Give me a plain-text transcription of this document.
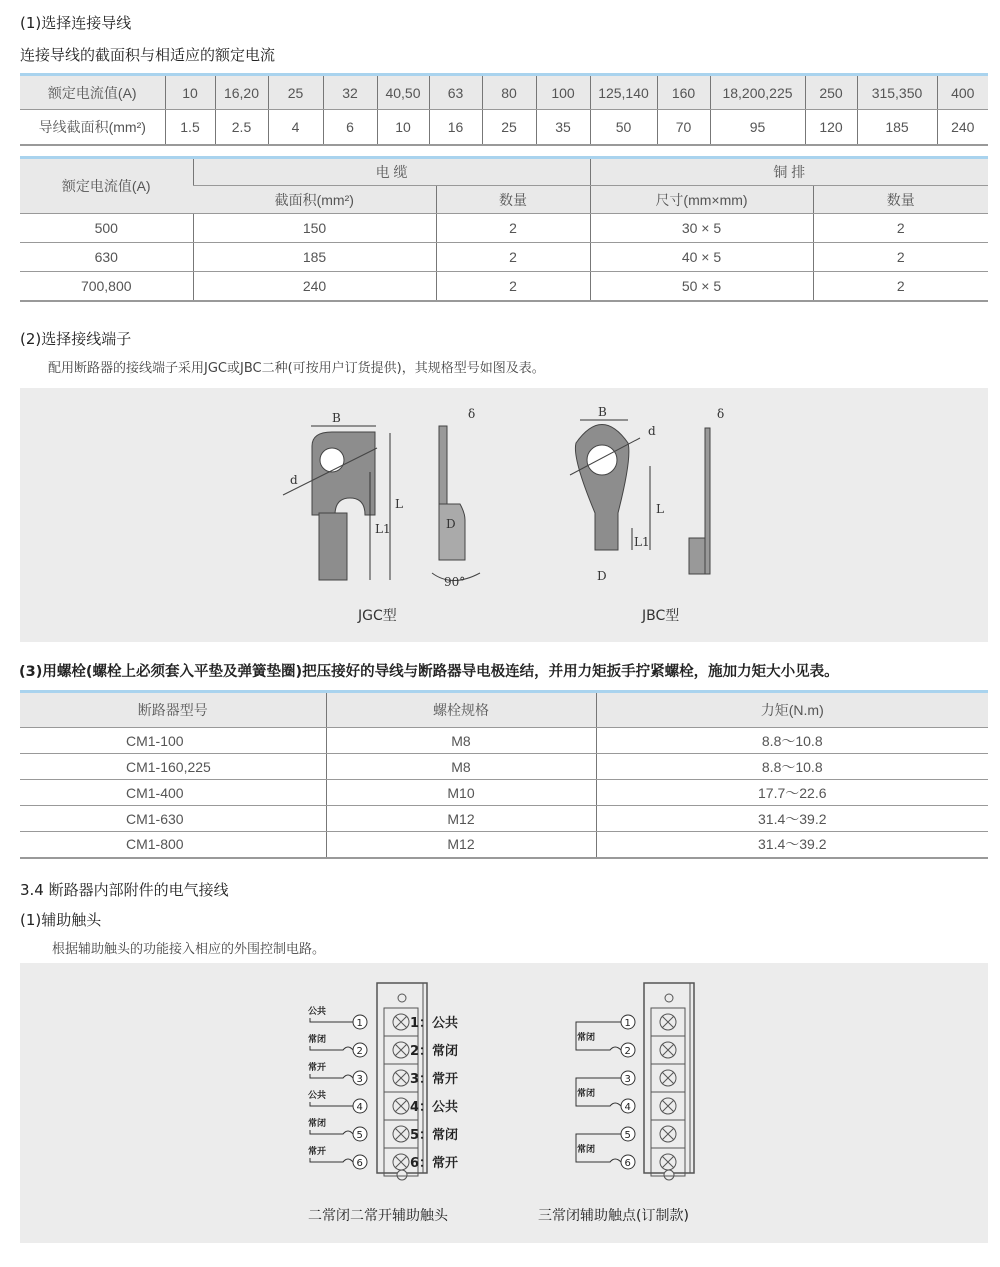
(1)选择连接导线
连接导线的截面积与相适应的额定电流
额定电流值(A)	10	16,20	25	32	40,50	63	80	100	125,140	160	18,200,225	250	315,350	400
导线截面积(mm²)	1.5	2.5	4	6	10	16	25	35	50	70	95	120	185	240
额定电流值(A)	电 缆		铜 排	
	截面积(mm²)	数量	尺寸(mm×mm)	数量
500	150	2	30 × 5	2
630	185	2	40 × 5	2
700,800	240	2	50 × 5	2
(2)选择接线端子
配用断路器的接线端子采用JGC或JBC二种(可按用户订货提供)，其规格型号如图及表。
B
d
L
L1
δ
D
90°
B
d
L
L1
D
δ
JGC型	JBC型
(3)用螺栓(螺栓上必须套入平垫及弹簧垫圈)把压接好的导线与断路器导电极连结，并用力矩扳手拧紧螺栓，施加力矩大小见表。
断路器型号	螺栓规格	力矩(N.m)
CM1-100	M8	8.8～10.8
CM1-160,225	M8	8.8～10.8
CM1-400	M10	17.7～22.6
CM1-630	M12	31.4～39.2
CM1-800	M12	31.4～39.2
3.4 断路器内部附件的电气接线
(1)辅助触头
根据辅助触头的功能接入相应的外围控制电路。
1	1
2	2
3	3
4	4
5	5
6	6
公共
常闭
常开
公共
常闭
常开
常闭
常闭
常闭
1：公共
2：常闭
3：常开
4：公共
5：常闭
6：常开
二常闭二常开辅助触头	三常闭辅助触点(订制款)
